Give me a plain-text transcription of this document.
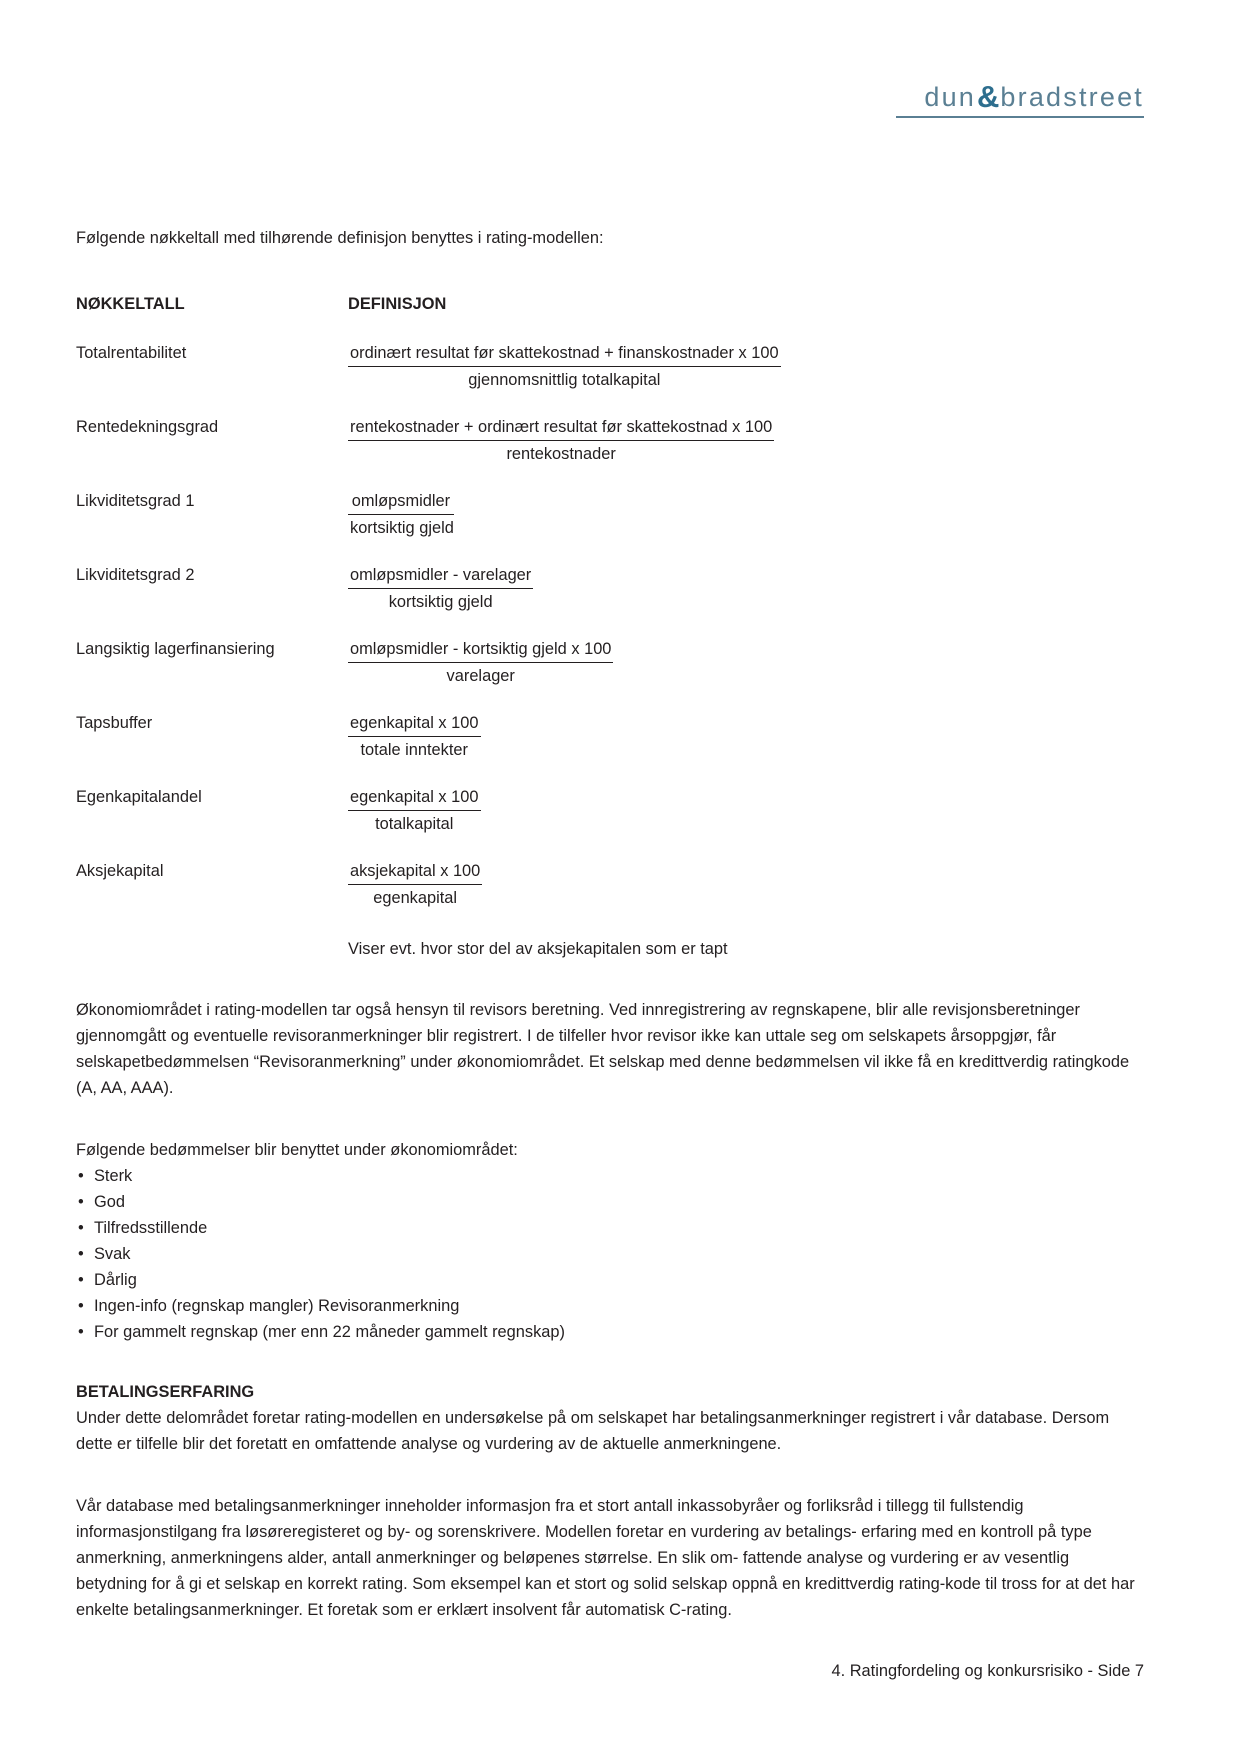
dun & bradstreet

Følgende nøkkeltall med tilhørende definisjon benyttes i rating-modellen:

NØKKELTALL	DEFINISJON
Totalrentabilitet	$\frac{\text{ordinært resultat før skattekostnad + finanskostnader x 100}}{\text{gjennomsnittlig totalkapital}}$

Rentedekningsgrad	$\frac{\text{rentekostnader + ordinært resultat før skattekostnad x 100}}{\text{rentekostnader}}$

Likviditetsgrad 1	$\frac{\text{omløpsmidler}}{\text{kortsiktig gjeld}}$

Likviditetsgrad 2	$\frac{\text{omløpsmidler - varelager}}{\text{kortsiktig gjeld}}$

Langsiktig lagerfinansiering	$\frac{\text{omløpsmidler - kortsiktig gjeld x 100}}{\text{varelager}}$

Tapsbuffer	$\frac{\text{egenkapital x 100}}{\text{totale inntekter}}$

Egenkapitalandel	$\frac{\text{egenkapital x 100}}{\text{totalkapital}}$

Aksjekapital	$\frac{\text{aksjekapital x 100}}{\text{egenkapital}}$

	Viser evt. hvor stor del av aksjekapitalen som er tapt

Økonomiområdet i rating-modellen tar også hensyn til revisors beretning. Ved innregistrering av regnskapene, blir alle revisjonsberetninger gjennomgått og eventuelle revisoranmerkninger blir registrert. I de tilfeller hvor revisor ikke kan uttale seg om selskapets årsoppgjør, får selskapetbedømmelsen “Revisoranmerkning” under økonomiområdet. Et selskap med denne bedømmelsen vil ikke få en kredittverdig ratingkode (A, AA, AAA).

Følgende bedømmelser blir benyttet under økonomiområdet:

• Sterk
• God
• Tilfredsstillende
• Svak
• Dårlig
• Ingen-info (regnskap mangler) Revisoranmerkning
• For gammelt regnskap (mer enn 22 måneder gammelt regnskap)
BETALINGSERFARING

Under dette delområdet foretar rating-modellen en undersøkelse på om selskapet har betalingsanmerkninger registrert i vår database. Dersom dette er tilfelle blir det foretatt en omfattende analyse og vurdering av de aktuelle anmerkningene.

Vår database med betalingsanmerkninger inneholder informasjon fra et stort antall inkassobyråer og forliksråd i tillegg til fullstendig informasjonstilgang fra løsøreregisteret og by- og sorenskrivere. Modellen foretar en vurdering av betalings- erfaring med en kontroll på type anmerkning, anmerkningens alder, antall anmerkninger og beløpenes størrelse. En slik om- fattende analyse og vurdering er av vesentlig betydning for å gi et selskap en korrekt rating. Som eksempel kan et stort og solid selskap oppnå en kredittverdig rating-kode til tross for at det har enkelte betalingsanmerkninger. Et foretak som er erklært insolvent får automatisk C-rating.

4. Ratingfordeling og konkursrisiko - Side 7
